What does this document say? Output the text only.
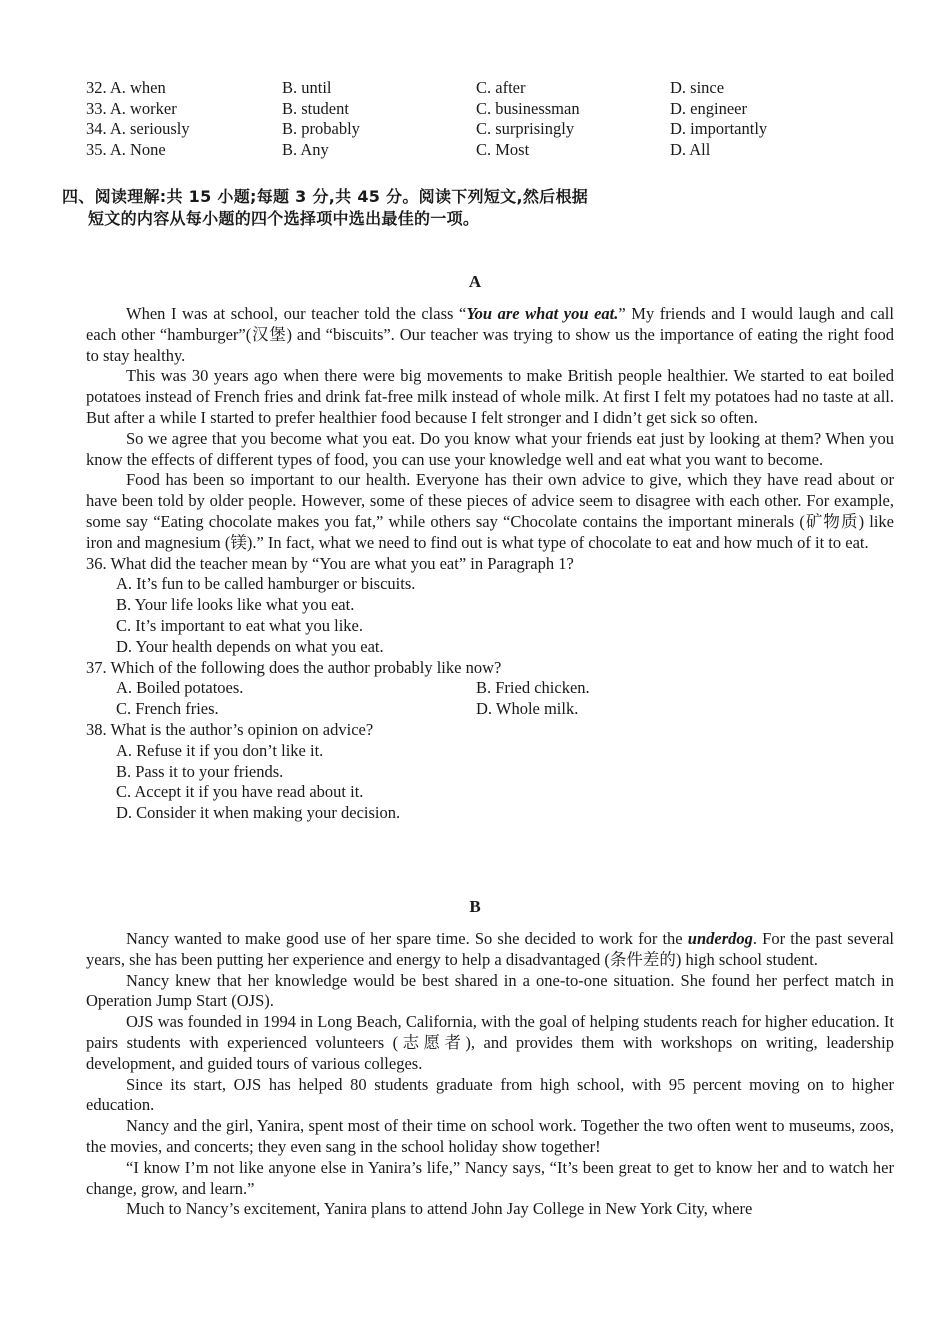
32. A. when	B. until	C. after	D. since
33. A. worker	B. student	C. businessman	D. engineer
34. A. seriously	B. probably	C. surprisingly	D. importantly
35. A. None	B. Any	C. Most	D. All
四、阅读理解:共 15 小题;每题 3 分,共 45 分。阅读下列短文,然后根据
短文的内容从每小题的四个选择项中选出最佳的一项。
A

When I was at school, our teacher told the class “You are what you eat.” My friends and I would laugh and call each other “hamburger”(汉堡) and “biscuits”. Our teacher was trying to show us the importance of eating the right food to stay healthy.

This was 30 years ago when there were big movements to make British people healthier. We started to eat boiled potatoes instead of French fries and drink fat-free milk instead of whole milk. At first I felt my potatoes had no taste at all. But after a while I started to prefer healthier food because I felt stronger and I didn’t get sick so often.

So we agree that you become what you eat. Do you know what your friends eat just by looking at them? When you know the effects of different types of food, you can use your knowledge well and eat what you want to become.

Food has been so important to our health. Everyone has their own advice to give, which they have read about or have been told by older people. However, some of these pieces of advice seem to disagree with each other. For example, some say “Eating chocolate makes you fat,” while others say “Chocolate contains the important minerals (矿物质) like iron and magnesium (镁).” In fact, what we need to find out is what type of chocolate to eat and how much of it to eat.

36. What did the teacher mean by “You are what you eat” in Paragraph 1?
A. It’s fun to be called hamburger or biscuits.
B. Your life looks like what you eat.
C. It’s important to eat what you like.
D. Your health depends on what you eat.
37. Which of the following does the author probably like now?
A. Boiled potatoes.	B. Fried chicken.
C. French fries.	D. Whole milk.
38. What is the author’s opinion on advice?
A. Refuse it if you don’t like it.
B. Pass it to your friends.
C. Accept it if you have read about it.
D. Consider it when making your decision.
B

Nancy wanted to make good use of her spare time. So she decided to work for the underdog. For the past several years, she has been putting her experience and energy to help a disadvantaged (条件差的) high school student.

Nancy knew that her knowledge would be best shared in a one-to-one situation. She found her perfect match in Operation Jump Start (OJS).

OJS was founded in 1994 in Long Beach, California, with the goal of helping students reach for higher education. It pairs students with experienced volunteers (志愿者), and provides them with workshops on writing, leadership development, and guided tours of various colleges.

Since its start, OJS has helped 80 students graduate from high school, with 95 percent moving on to higher education.

Nancy and the girl, Yanira, spent most of their time on school work. Together the two often went to museums, zoos, the movies, and concerts; they even sang in the school holiday show together!

“I know I’m not like anyone else in Yanira’s life,” Nancy says, “It’s been great to get to know her and to watch her change, grow, and learn.”

Much to Nancy’s excitement, Yanira plans to attend John Jay College in New York City, where
